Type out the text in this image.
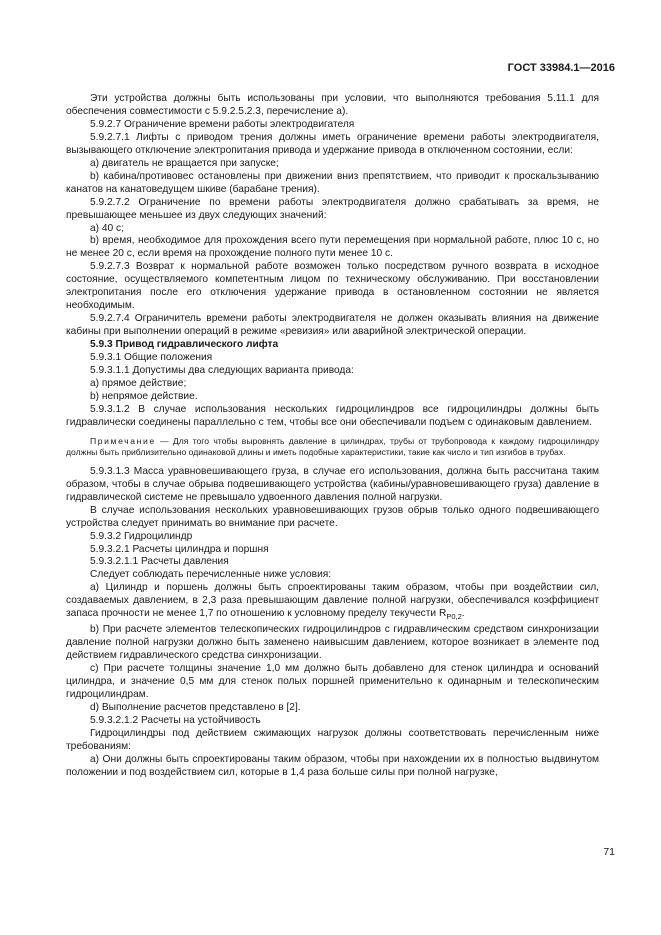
ГОСТ 33984.1—2016

Эти устройства должны быть использованы при условии, что выполняются требования 5.11.1 для обеспечения совместимости с 5.9.2.5.2.3, перечисление а).

5.9.2.7 Ограничение времени работы электродвигателя

5.9.2.7.1 Лифты с приводом трения должны иметь ограничение времени работы электродвигателя, вызывающего отключение электропитания привода и удержание привода в отключенном состоянии, если:

а) двигатель не вращается при запуске;

b) кабина/противовес остановлены при движении вниз препятствием, что приводит к проскальзыванию канатов на канатоведущем шкиве (барабане трения).

5.9.2.7.2 Ограничение по времени работы электродвигателя должно срабатывать за время, не превышающее меньшее из двух следующих значений:

а) 40 с;

b) время, необходимое для прохождения всего пути перемещения при нормальной работе, плюс 10 с, но не менее 20 с, если время на прохождение полного пути менее 10 с.

5.9.2.7.3 Возврат к нормальной работе возможен только посредством ручного возврата в исходное состояние, осуществляемого компетентным лицом по техническому обслуживанию. При восстановлении электропитания после его отключения удержание привода в остановленном состоянии не является необходимым.

5.9.2.7.4 Ограничитель времени работы электродвигателя не должен оказывать влияния на движение кабины при выполнении операций в режиме «ревизия» или аварийной электрической операции.

5.9.3 Привод гидравлического лифта

5.9.3.1 Общие положения

5.9.3.1.1 Допустимы два следующих варианта привода:

а) прямое действие;

b) непрямое действие.

5.9.3.1.2 В случае использования нескольких гидроцилиндров все гидроцилиндры должны быть гидравлически соединены параллельно с тем, чтобы все они обеспечивали подъем с одинаковым давлением.

Примечание — Для того чтобы выровнять давление в цилиндрах, трубы от трубопровода к каждому гидроцилиндру должны быть приблизительно одинаковой длины и иметь подобные характеристики, такие как число и тип изгибов в трубах.

5.9.3.1.3 Масса уравновешивающего груза, в случае его использования, должна быть рассчитана таким образом, чтобы в случае обрыва подвешивающего устройства (кабины/уравновешивающего груза) давление в гидравлической системе не превышало удвоенного давления полной нагрузки.

В случае использования нескольких уравновешивающих грузов обрыв только одного подвешивающего устройства следует принимать во внимание при расчете.

5.9.3.2 Гидроцилиндр

5.9.3.2.1 Расчеты цилиндра и поршня

5.9.3.2.1.1 Расчеты давления

Следует соблюдать перечисленные ниже условия:

а) Цилиндр и поршень должны быть спроектированы таким образом, чтобы при воздействии сил, создаваемых давлением, в 2,3 раза превышающим давление полной нагрузки, обеспечивался коэффициент запаса прочности не менее 1,7 по отношению к условному пределу текучести $R_{P0,2}$.

b) При расчете элементов телескопических гидроцилиндров с гидравлическим средством синхронизации давление полной нагрузки должно быть заменено наивысшим давлением, которое возникает в элементе под действием гидравлического средства синхронизации.

с) При расчете толщины значение 1,0 мм должно быть добавлено для стенок цилиндра и оснований цилиндра, и значение 0,5 мм для стенок полых поршней применительно к одинарным и телескопическим гидроцилиндрам.

d) Выполнение расчетов представлено в [2].

5.9.3.2.1.2 Расчеты на устойчивость

Гидроцилиндры под действием сжимающих нагрузок должны соответствовать перечисленным ниже требованиям:

а) Они должны быть спроектированы таким образом, чтобы при нахождении их в полностью выдвинутом положении и под воздействием сил, которые в 1,4 раза больше силы при полной нагрузке,

71
